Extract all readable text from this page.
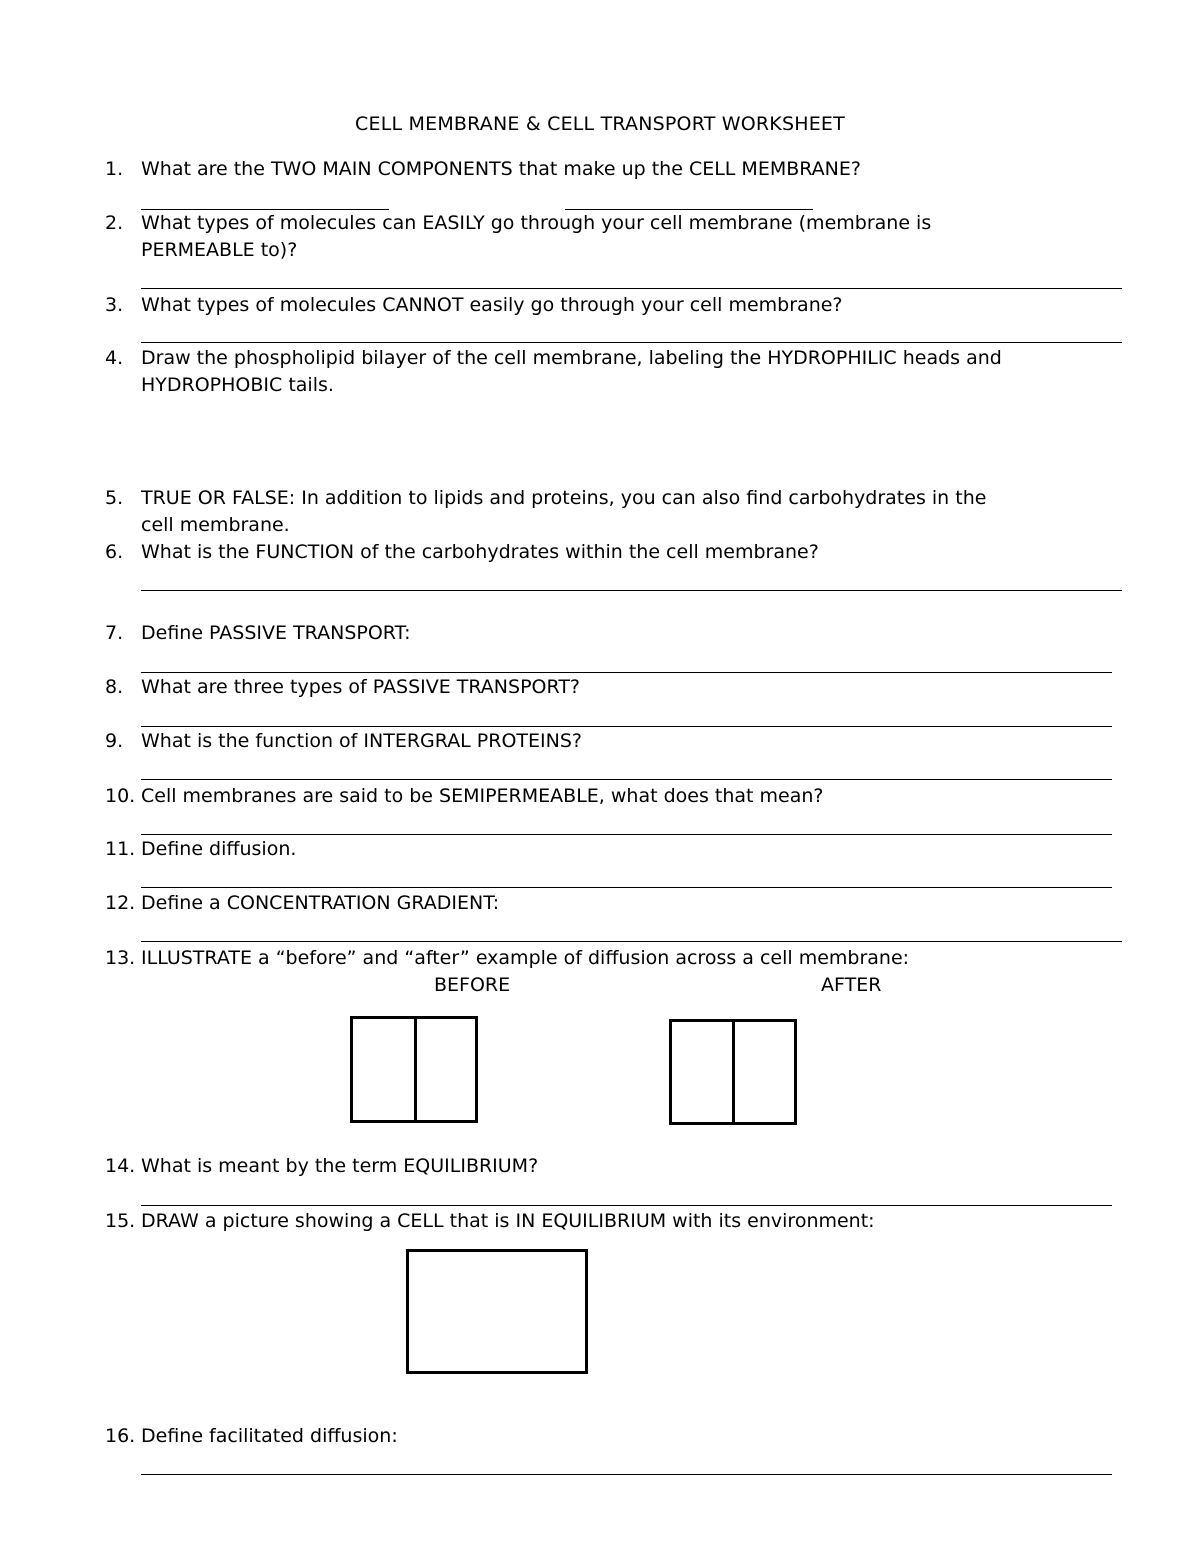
CELL MEMBRANE & CELL TRANSPORT WORKSHEET
1. What are the TWO MAIN COMPONENTS that make up the CELL MEMBRANE?
2. What types of molecules can EASILY go through your cell membrane (membrane is
PERMEABLE to)?
3. What types of molecules CANNOT easily go through your cell membrane?
4. Draw the phospholipid bilayer of the cell membrane, labeling the HYDROPHILIC heads and
HYDROPHOBIC tails.
5. TRUE OR FALSE: In addition to lipids and proteins, you can also find carbohydrates in the
cell membrane.
6. What is the FUNCTION of the carbohydrates within the cell membrane?
7. Define PASSIVE TRANSPORT:
8. What are three types of PASSIVE TRANSPORT?
9. What is the function of INTERGRAL PROTEINS?
10. Cell membranes are said to be SEMIPERMEABLE, what does that mean?
11. Define diffusion.
12. Define a CONCENTRATION GRADIENT:
13. ILLUSTRATE a “before” and “after” example of diffusion across a cell membrane:
BEFORE	AFTER
14. What is meant by the term EQUILIBRIUM?
15. DRAW a picture showing a CELL that is IN EQUILIBRIUM with its environment:
16. Define facilitated diffusion:
